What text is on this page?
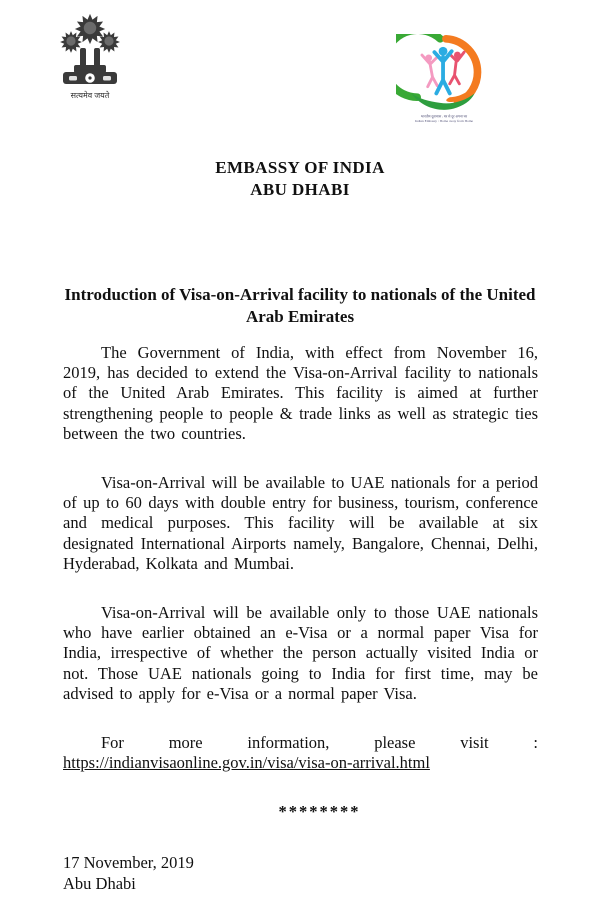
सत्यमेव जयते
भारतीय दूतावास : घर से दूर अपना घर
Indian Embassy : Home away from Home
EMBASSY OF INDIA
ABU DHABI
Introduction of Visa-on-Arrival facility to nationals of the United Arab Emirates

The Government of India, with effect from November 16, 2019, has decided to extend the Visa-on-Arrival facility to nationals of the United Arab Emirates. This facility is aimed at further strengthening people to people & trade links as well as strategic ties between the two countries.

Visa-on-Arrival will be available to UAE nationals for a period of up to 60 days with double entry for business, tourism, conference and medical purposes. This facility will be available at six designated International Airports namely, Bangalore, Chennai, Delhi, Hyderabad, Kolkata and Mumbai.

Visa-on-Arrival will be available only to those UAE nationals who have earlier obtained an e-Visa or a normal paper Visa for India, irrespective of whether the person actually visited India or not. Those UAE nationals going to India for first time, may be advised to apply for e-Visa or a normal paper Visa.

For more information, please visit : https://indianvisaonline.gov.in/visa/visa-on-arrival.html

********

17 November, 2019
Abu Dhabi
